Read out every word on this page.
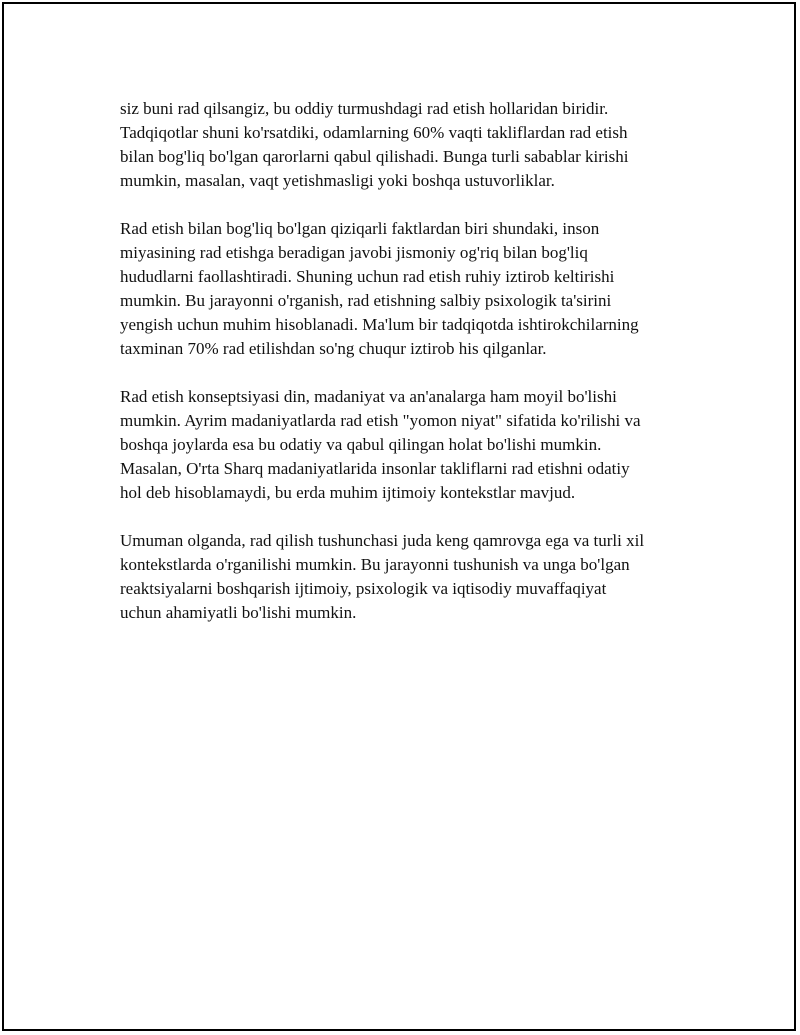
siz buni rad qilsangiz, bu oddiy turmushdagi rad etish hollaridan biridir.
Tadqiqotlar shuni ko'rsatdiki, odamlarning 60% vaqti takliflardan rad etish
bilan bog'liq bo'lgan qarorlarni qabul qilishadi. Bunga turli sabablar kirishi
mumkin, masalan, vaqt yetishmasligi yoki boshqa ustuvorliklar.

Rad etish bilan bog'liq bo'lgan qiziqarli faktlardan biri shundaki, inson
miyasining rad etishga beradigan javobi jismoniy og'riq bilan bog'liq
hududlarni faollashtiradi. Shuning uchun rad etish ruhiy iztirob keltirishi
mumkin. Bu jarayonni o'rganish, rad etishning salbiy psixologik ta'sirini
yengish uchun muhim hisoblanadi. Ma'lum bir tadqiqotda ishtirokchilarning
taxminan 70% rad etilishdan so'ng chuqur iztirob his qilganlar.

Rad etish konseptsiyasi din, madaniyat va an'analarga ham moyil bo'lishi
mumkin. Ayrim madaniyatlarda rad etish "yomon niyat" sifatida ko'rilishi va
boshqa joylarda esa bu odatiy va qabul qilingan holat bo'lishi mumkin.
Masalan, O'rta Sharq madaniyatlarida insonlar takliflarni rad etishni odatiy
hol deb hisoblamaydi, bu erda muhim ijtimoiy kontekstlar mavjud.

Umuman olganda, rad qilish tushunchasi juda keng qamrovga ega va turli xil
kontekstlarda o'rganilishi mumkin. Bu jarayonni tushunish va unga bo'lgan
reaktsiyalarni boshqarish ijtimoiy, psixologik va iqtisodiy muvaffaqiyat
uchun ahamiyatli bo'lishi mumkin.
